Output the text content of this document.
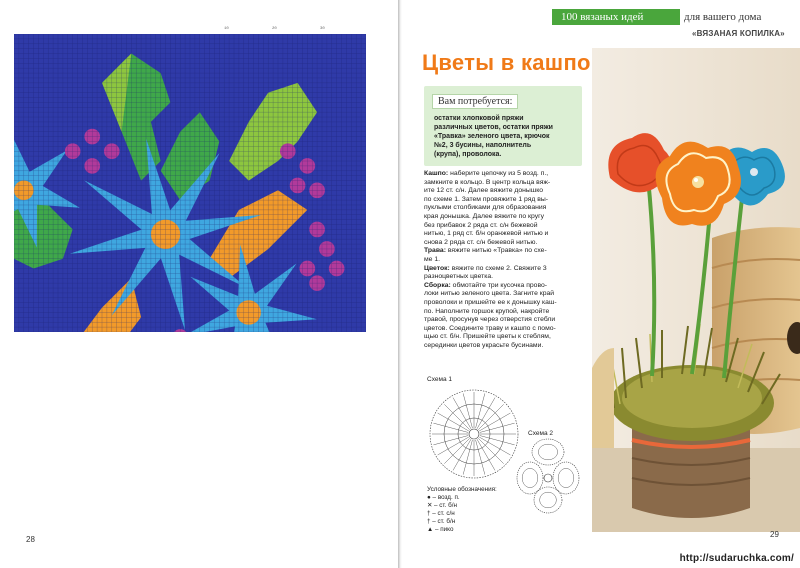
10	20	30
28
100 вязаных идей	для вашего дома
«ВЯЗАНАЯ КОПИЛКА»
Цветы в кашпо
Вам потребуется:
остатки хлопковой пряжи
различных цветов, остатки пряжи
«Травка» зеленого цвета, крючок
№2, 3 бусины, наполнитель
(крупа), проволока.

Кашпо: наберите цепочку из 5 возд. п.,
замкните в кольцо. В центр кольца вяж-
ите 12 ст. с/н. Далее вяжите донышко
по схеме 1. Затем провяжите 1 ряд вы-
пуклыми столбиками для образования
края донышка. Далее вяжите по кругу
без прибавок 2 ряда ст. с/н бежевой
нитью, 1 ряд ст. б/н оранжевой нитью и
снова 2 ряда ст. с/н бежевой нитью.

Трава: вяжите нитью «Травка» по схе-
ме 1.

Цветок: вяжите по схеме 2. Свяжите 3
разноцветных цветка.

Сборка: обмотайте три кусочка прово-
локи нитью зеленого цвета. Загните край
проволоки и пришейте ее к донышку каш-
по. Наполните горшок крупой, накройте
травой, просунув через отверстия стебли
цветов. Соедините траву и кашпо с помо-
щью ст. б/н. Пришейте цветы к стеблям,
серединки цветов украсьте бусинами.

Схема 1
Схема 2
Условные обозначения:
● – возд. п.
✕ – ст. б/н
† – ст. с/н
† – ст. б/н
▲ – пико
29
http://sudaruchka.com/
